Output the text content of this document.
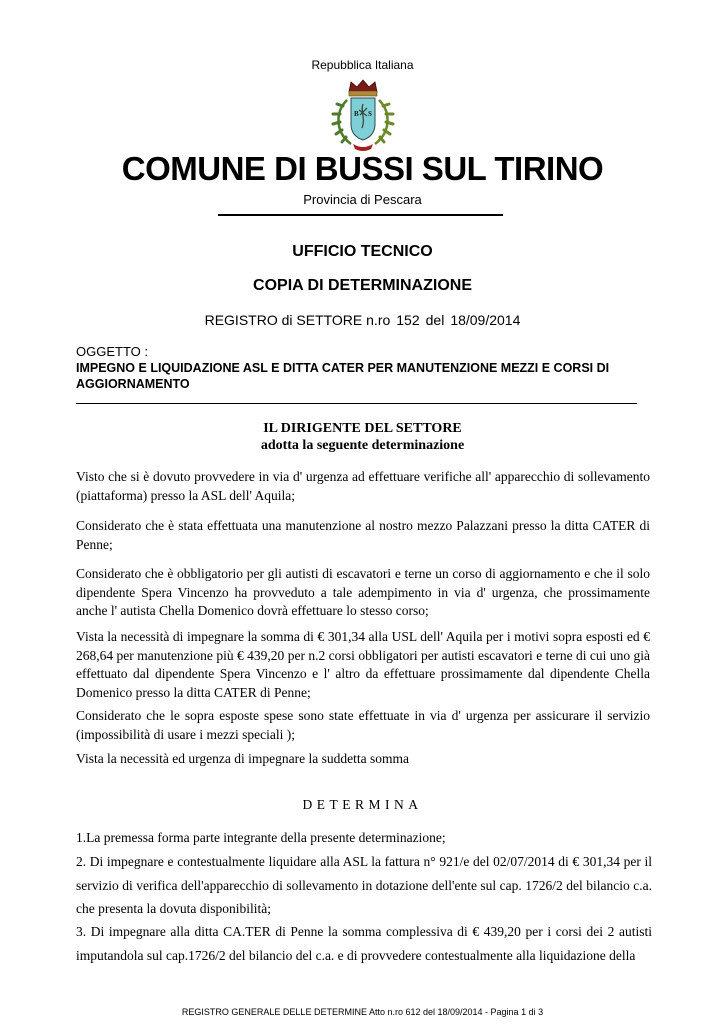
Repubblica Italiana
B S
COMUNE DI BUSSI SUL TIRINO
Provincia di Pescara
UFFICIO TECNICO
COPIA DI DETERMINAZIONE
REGISTRO di SETTORE n.ro 152 del 18/09/2014
OGGETTO :
IMPEGNO E LIQUIDAZIONE ASL E DITTA CATER PER MANUTENZIONE MEZZI E CORSI DI AGGIORNAMENTO
IL DIRIGENTE DEL SETTORE
adotta la seguente determinazione
Visto che si è dovuto provvedere in via d' urgenza ad effettuare verifiche all' apparecchio di sollevamento (piattaforma) presso la ASL dell' Aquila;
Considerato che è stata effettuata una manutenzione al nostro mezzo Palazzani presso la ditta CATER di Penne;
Considerato che è obbligatorio per gli autisti di escavatori e terne un corso di aggiornamento e che il solo dipendente Spera Vincenzo ha provveduto a tale adempimento in via d' urgenza, che prossimamente anche l' autista Chella Domenico dovrà effettuare lo stesso corso;
Vista la necessità di impegnare la somma di € 301,34 alla USL dell' Aquila per i motivi sopra esposti ed € 268,64 per manutenzione più € 439,20 per n.2 corsi obbligatori per autisti escavatori e terne di cui uno già effettuato dal dipendente Spera Vincenzo e l' altro da effettuare prossimamente dal dipendente Chella Domenico presso la ditta CATER di Penne;
Considerato che le sopra esposte spese sono state effettuate in via d' urgenza per assicurare il servizio (impossibilità di usare i mezzi speciali );
Vista la necessità ed urgenza di impegnare la suddetta somma
DETERMINA
1.La premessa forma parte integrante della presente determinazione;
2. Di impegnare e contestualmente liquidare alla ASL la fattura n° 921/e del 02/07/2014 di € 301,34 per il servizio di verifica dell'apparecchio di sollevamento in dotazione dell'ente sul cap. 1726/2 del bilancio c.a. che presenta la dovuta disponibilità;
3. Di impegnare alla ditta CA.TER di Penne la somma complessiva di € 439,20 per i corsi dei 2 autisti imputandola sul cap.1726/2 del bilancio del c.a. e di provvedere contestualmente alla liquidazione della
REGISTRO GENERALE DELLE DETERMINE Atto n.ro 612 del 18/09/2014 - Pagina 1 di 3
